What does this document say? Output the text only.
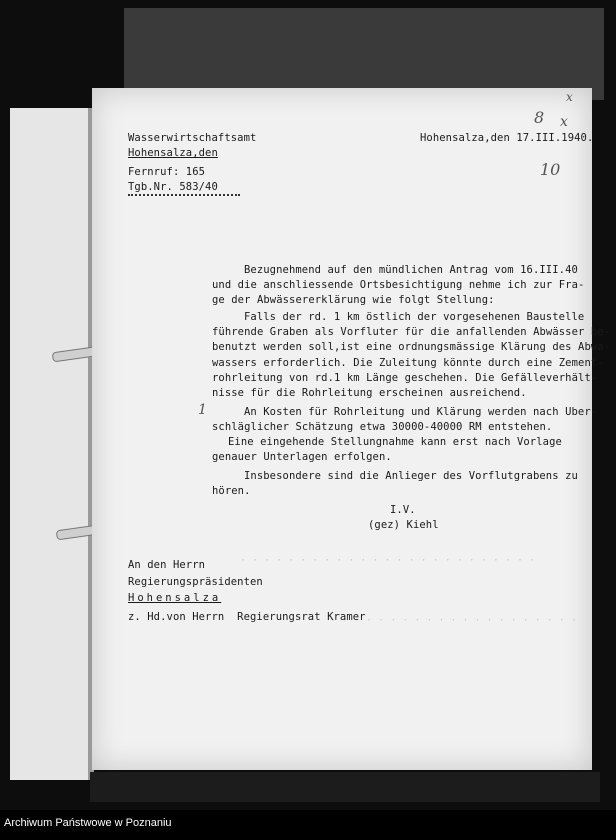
· · · · · · · · · · · · · · · · · · · · ·
· · · · · · · · · · · · · · · · · · · · · · · · ·
Wasserwirtschaftsamt
Hohensalza,den
Fernruf: 165
Tgb.Nr. 583/40
Hohensalza,den 17.III.1940.
8
x
x
10
1
Bezugnehmend auf den mündlichen Antrag vom 16.III.40
und die anschliessende Ortsbesichtigung nehme ich zur Fra-
ge der Abwässererklärung wie folgt Stellung:
Falls der rd. 1 km östlich der vorgesehenen Baustelle
führende Graben als Vorfluter für die anfallenden Abwässer be-
benutzt werden soll,ist eine ordnungsmässige Klärung des Abwa-
wassers erforderlich. Die Zuleitung könnte durch eine Zement-
rohrleitung von rd.1 km Länge geschehen. Die Gefälleverhält-
nisse für die Rohrleitung erscheinen ausreichend.
An Kosten für Rohrleitung und Klärung werden nach Uber-
schläglicher Schätzung etwa 30000-40000 RM entstehen.
Eine eingehende Stellungnahme kann erst nach Vorlage
genauer Unterlagen erfolgen.
Insbesondere sind die Anlieger des Vorflutgrabens zu
hören.
I.V.
(gez) Kiehl
An den Herrn
Regierungspräsidenten
Hohensalza
z. Hd.von Herrn  Regierungsrat Kramer
Archiwum Państwowe w Poznaniu
